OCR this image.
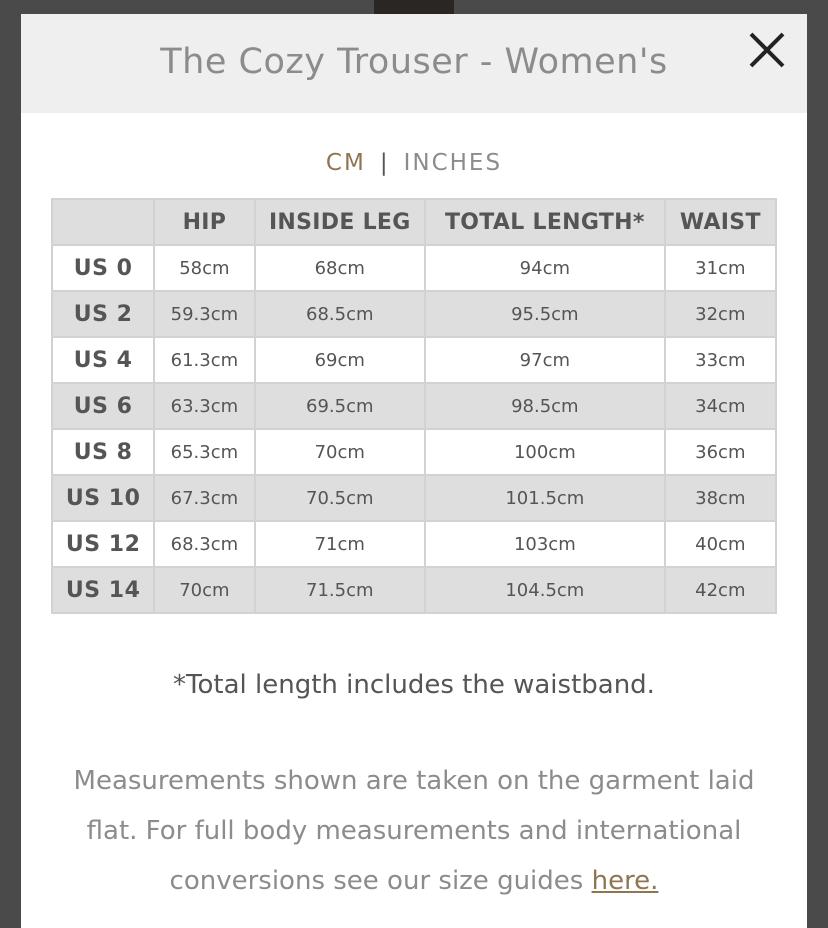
The Cozy Trouser - Women's
CM | INCHES
	HIP	INSIDE LEG	TOTAL LENGTH*	WAIST
US 0	58cm	68cm	94cm	31cm
US 2	59.3cm	68.5cm	95.5cm	32cm
US 4	61.3cm	69cm	97cm	33cm
US 6	63.3cm	69.5cm	98.5cm	34cm
US 8	65.3cm	70cm	100cm	36cm
US 10	67.3cm	70.5cm	101.5cm	38cm
US 12	68.3cm	71cm	103cm	40cm
US 14	70cm	71.5cm	104.5cm	42cm
*Total length includes the waistband.
Measurements shown are taken on the garment laid flat. For full body measurements and international conversions see our size guides here.
